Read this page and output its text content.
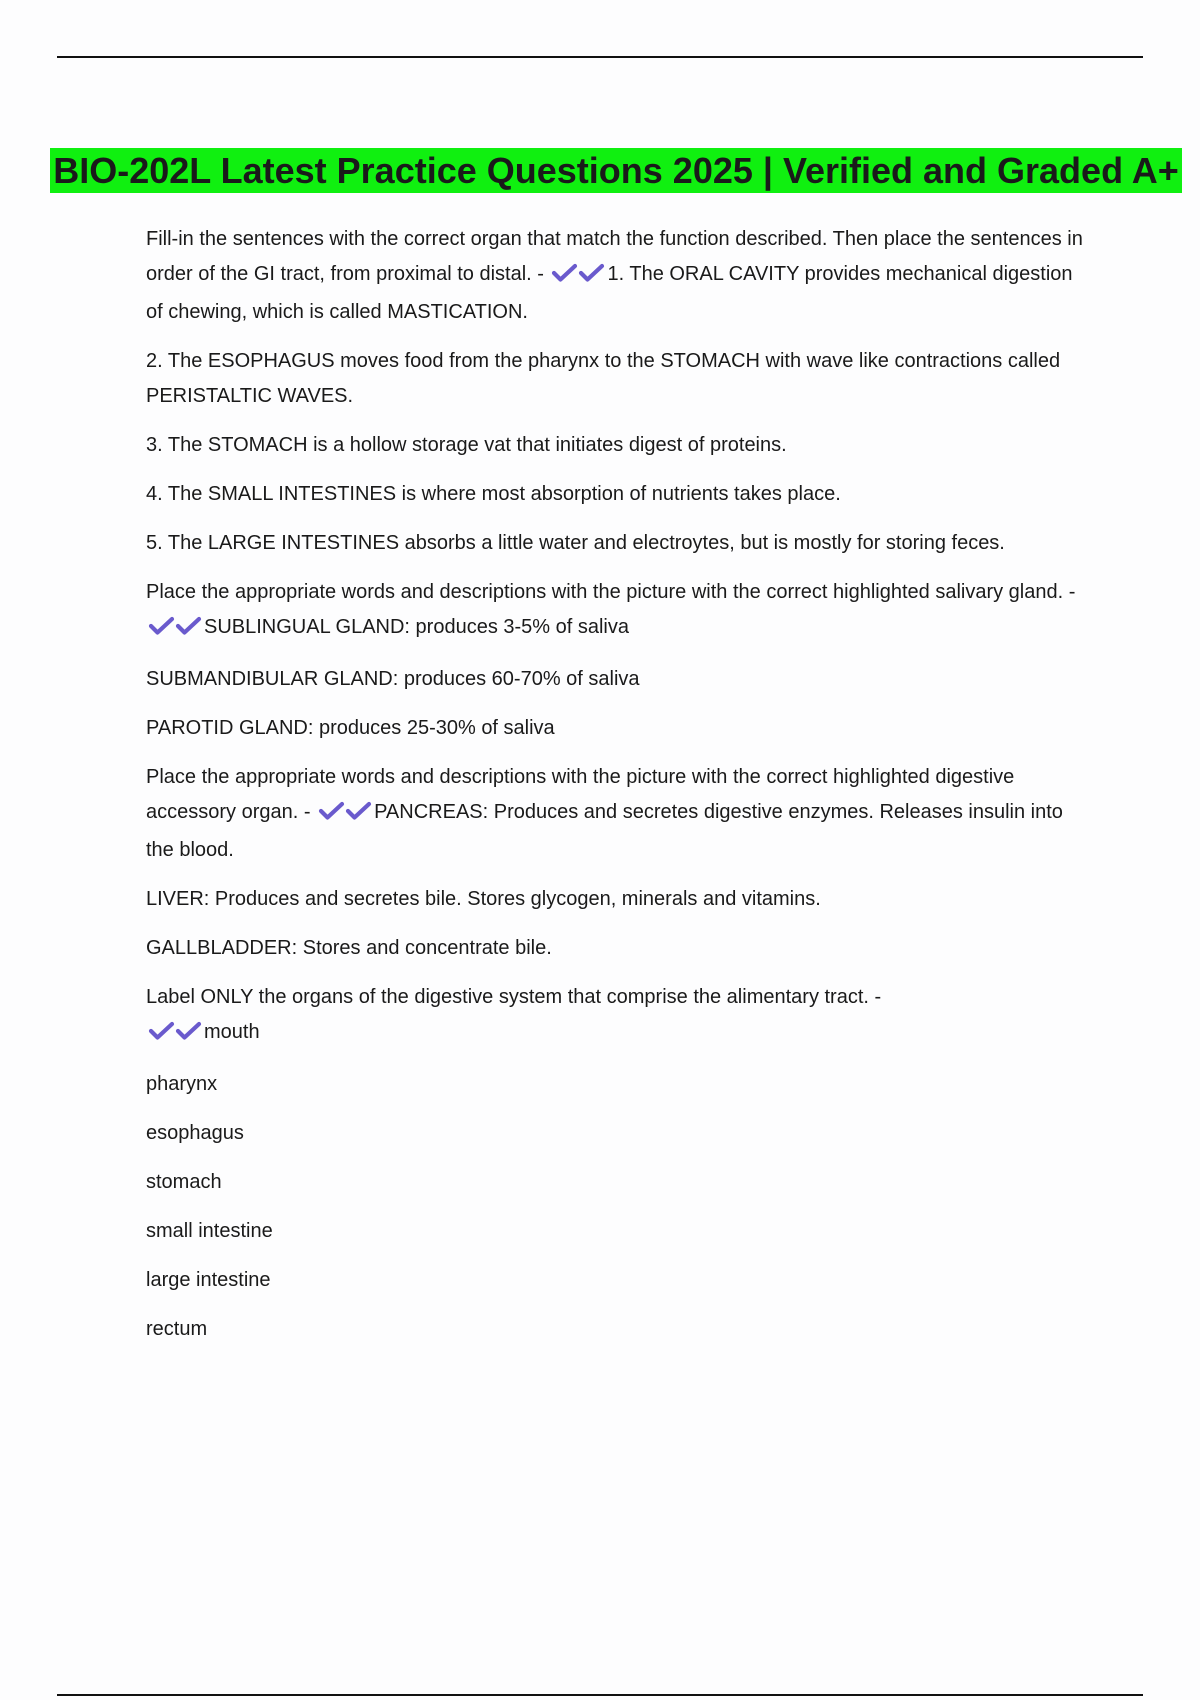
BIO-202L Latest Practice Questions 2025 | Verified and Graded A+

Fill-in the sentences with the correct organ that match the function described. Then place the sentences in order of the GI tract, from proximal to distal. -	1. The ORAL CAVITY provides mechanical digestion of chewing, which is called MASTICATION.

2. The ESOPHAGUS moves food from the pharynx to the STOMACH with wave like contractions called PERISTALTIC WAVES.

3. The STOMACH is a hollow storage vat that initiates digest of proteins.

4. The SMALL INTESTINES is where most absorption of nutrients takes place.

5. The LARGE INTESTINES absorbs a little water and electroytes, but is mostly for storing feces.

Place the appropriate words and descriptions with the picture with the correct highlighted salivary gland. - SUBLINGUAL GLAND: produces 3-5% of saliva

SUBMANDIBULAR GLAND: produces 60-70% of saliva

PAROTID GLAND: produces 25-30% of saliva

Place the appropriate words and descriptions with the picture with the correct highlighted digestive accessory organ. -	PANCREAS: Produces and secretes digestive enzymes. Releases insulin into the blood.

LIVER: Produces and secretes bile. Stores glycogen, minerals and vitamins.

GALLBLADDER: Stores and concentrate bile.

Label ONLY the organs of the digestive system that comprise the alimentary tract. -
mouth

pharynx

esophagus

stomach

small intestine

large intestine

rectum
